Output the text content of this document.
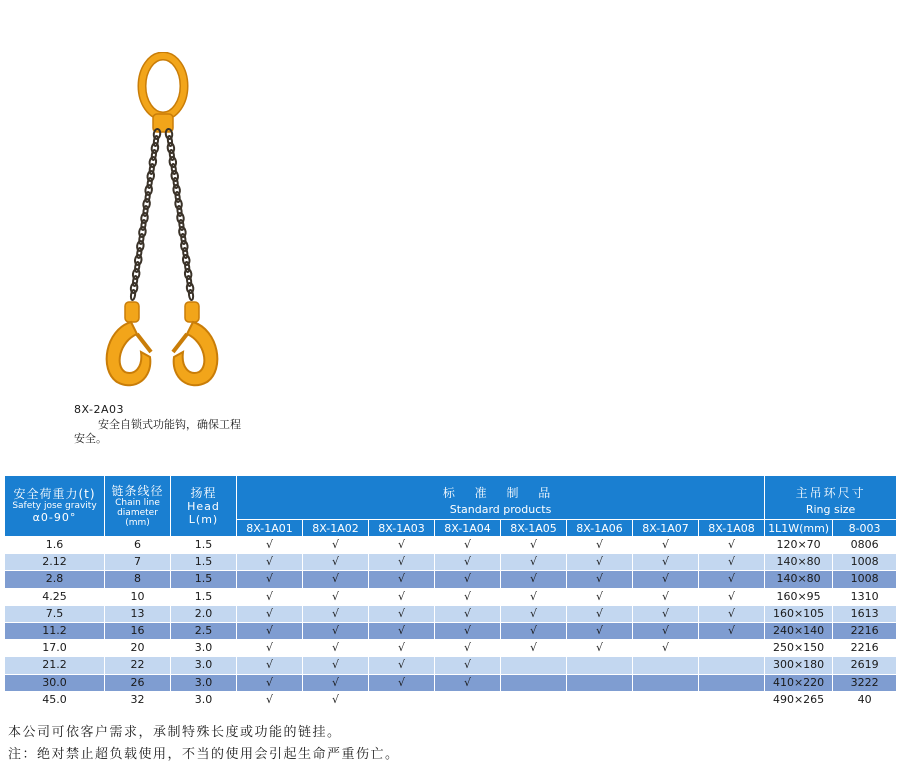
8X-2A03
安全自锁式功能钩，确保工程安全。
安全荷重力(t)
Safety jose gravity
α0-90°	链条线径
Chain line
diameter
(mm)	扬程
Head
L(m)	标 准 制 品
Standard products								主吊环尺寸
Ring size	

			8X-1A01	8X-1A02	8X-1A03	8X-1A04	8X-1A05	8X-1A06	8X-1A07	8X-1A08	1L1W(mm)	8-003
1.6	6	1.5	√	√	√	√	√	√	√	√	120×70	0806
2.12	7	1.5	√	√	√	√	√	√	√	√	140×80	1008
2.8	8	1.5	√	√	√	√	√	√	√	√	140×80	1008
4.25	10	1.5	√	√	√	√	√	√	√	√	160×95	1310
7.5	13	2.0	√	√	√	√	√	√	√	√	160×105	1613
11.2	16	2.5	√	√	√	√	√	√	√	√	240×140	2216
17.0	20	3.0	√	√	√	√	√	√	√		250×150	2216
21.2	22	3.0	√	√	√	√					300×180	2619
30.0	26	3.0	√	√	√	√					410×220	3222
45.0	32	3.0	√	√							490×265	40
本公司可依客户需求，承制特殊长度或功能的链挂。
注：绝对禁止超负载使用，不当的使用会引起生命严重伤亡。
